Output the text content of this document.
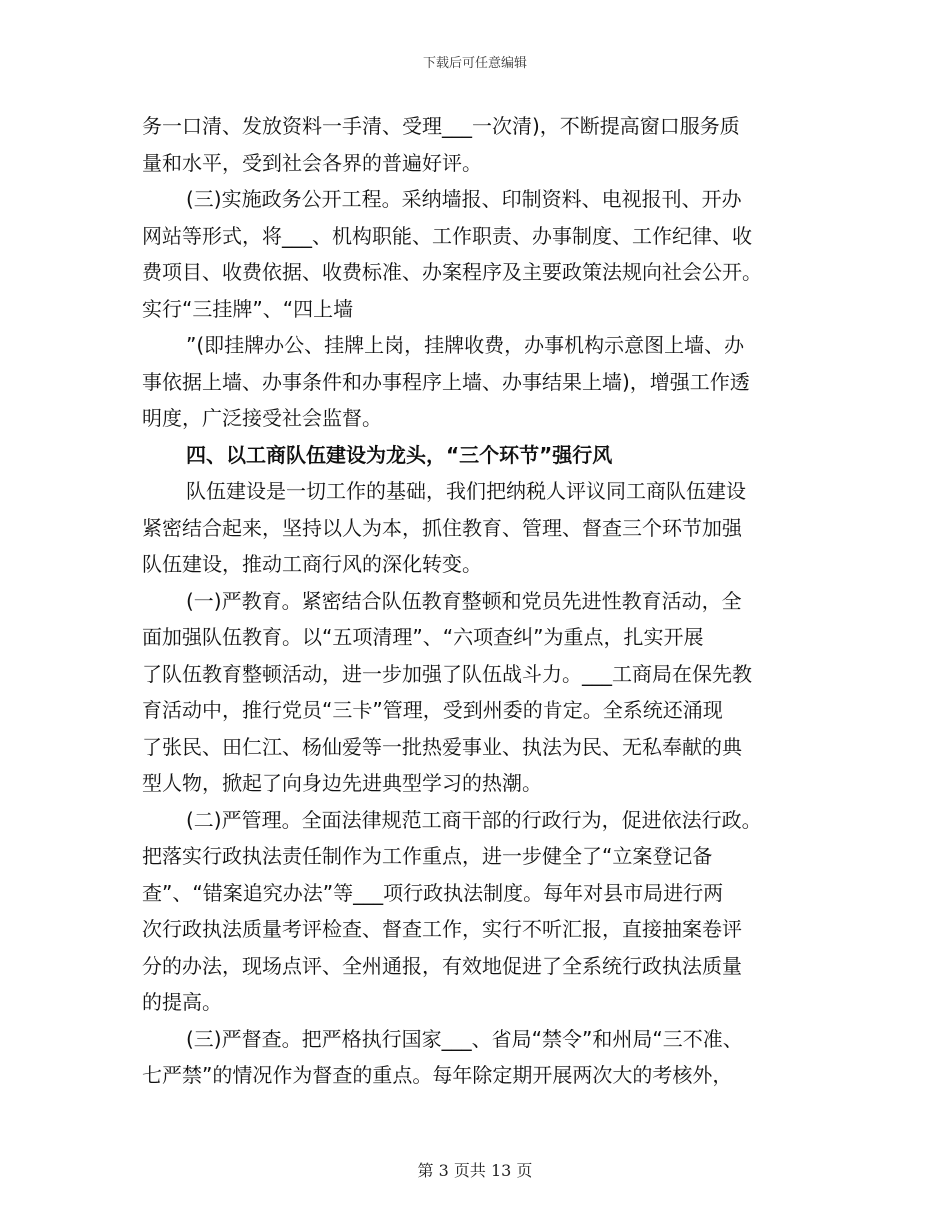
下载后可任意编辑

务一口清、发放资料一手清、受理___一次清)，不断提高窗口服务质

量和水平，受到社会各界的普遍好评。

(三)实施政务公开工程。采纳墙报、印制资料、电视报刊、开办

网站等形式，将___、机构职能、工作职责、办事制度、工作纪律、收

费项目、收费依据、收费标准、办案程序及主要政策法规向社会公开。

实行“三挂牌”、“四上墙

”(即挂牌办公、挂牌上岗，挂牌收费，办事机构示意图上墙、办

事依据上墙、办事条件和办事程序上墙、办事结果上墙)，增强工作透

明度，广泛接受社会监督。

四、以工商队伍建设为龙头，“三个环节”强行风

队伍建设是一切工作的基础，我们把纳税人评议同工商队伍建设

紧密结合起来，坚持以人为本，抓住教育、管理、督查三个环节加强

队伍建设，推动工商行风的深化转变。

(一)严教育。紧密结合队伍教育整顿和党员先进性教育活动，全

面加强队伍教育。以“五项清理”、“六项查纠”为重点，扎实开展

了队伍教育整顿活动，进一步加强了队伍战斗力。___工商局在保先教

育活动中，推行党员“三卡”管理，受到州委的肯定。全系统还涌现

了张民、田仁江、杨仙爱等一批热爱事业、执法为民、无私奉献的典

型人物，掀起了向身边先进典型学习的热潮。

(二)严管理。全面法律规范工商干部的行政行为，促进依法行政。

把落实行政执法责任制作为工作重点，进一步健全了“立案登记备

查”、“错案追究办法”等___项行政执法制度。每年对县市局进行两

次行政执法质量考评检查、督查工作，实行不听汇报，直接抽案卷评

分的办法，现场点评、全州通报，有效地促进了全系统行政执法质量

的提高。

(三)严督查。把严格执行国家___、省局“禁令”和州局“三不准、

七严禁”的情况作为督查的重点。每年除定期开展两次大的考核外，

第 3 页共 13 页
